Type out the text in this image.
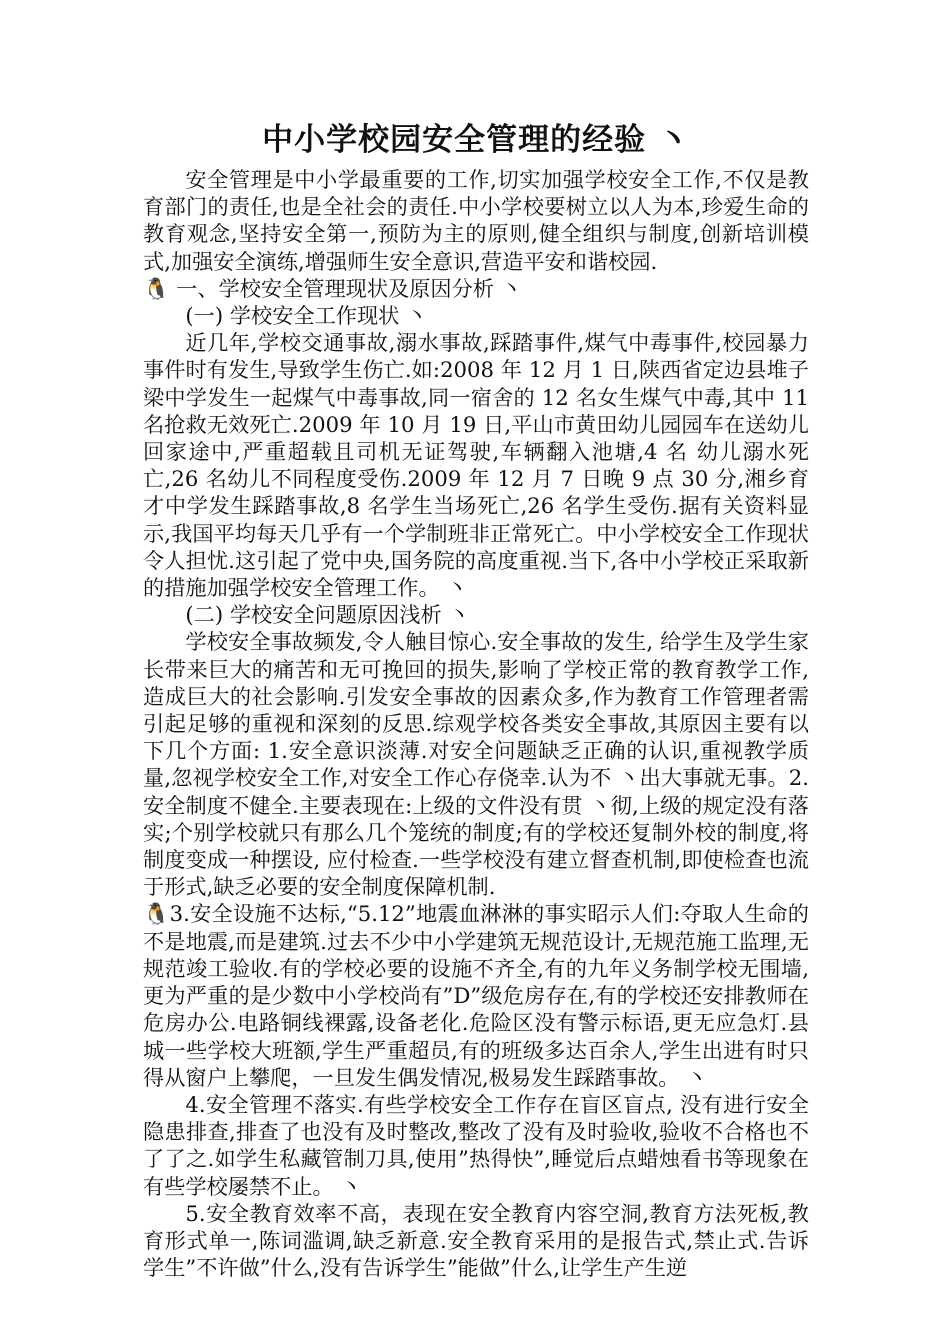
中小学校园安全管理的经验 丶

安全管理是中小学最重要的工作,切实加强学校安全工作,不仅是教育部门的责任,也是全社会的责任.中小学校要树立以人为本,珍爱生命的教育观念,坚持安全第一,预防为主的原则,健全组织与制度,创新培训模式,加强安全演练,增强师生安全意识,营造平安和谐校园.

🐧 一、学校安全管理现状及原因分析 丶

(一) 学校安全工作现状 丶

近几年,学校交通事故,溺水事故,踩踏事件,煤气中毒事件,校园暴力事件时有发生,导致学生伤亡.如:2008 年 12 月 1 日,陕西省定边县堆子梁中学发生一起煤气中毒事故,同一宿舍的 12 名女生煤气中毒,其中 11 名抢救无效死亡.2009 年 10 月 19 日,平山市黄田幼儿园园车在送幼儿回家途中,严重超载且司机无证驾驶,车辆翻入池塘,4 名 幼儿溺水死亡,26 名幼儿不同程度受伤.2009 年 12 月 7 日晚 9 点 30 分,湘乡育才中学发生踩踏事故,8 名学生当场死亡,26 名学生受伤.据有关资料显示,我国平均每天几乎有一个学制班非正常死亡。中小学校安全工作现状令人担忧.这引起了党中央,国务院的高度重视.当下,各中小学校正采取新的措施加强学校安全管理工作。 丶

(二) 学校安全问题原因浅析 丶

学校安全事故频发,令人触目惊心.安全事故的发生, 给学生及学生家长带来巨大的痛苦和无可挽回的损失,影响了学校正常的教育教学工作,造成巨大的社会影响.引发安全事故的因素众多,作为教育工作管理者需引起足够的重视和深刻的反思.综观学校各类安全事故,其原因主要有以下几个方面: 1.安全意识淡薄.对安全问题缺乏正确的认识,重视教学质量,忽视学校安全工作,对安全工作心存侥幸.认为不 丶出大事就无事。2.安全制度不健全.主要表现在:上级的文件没有贯 丶彻,上级的规定没有落实;个别学校就只有那么几个笼统的制度;有的学校还复制外校的制度,将制度变成一种摆设, 应付检查.一些学校没有建立督查机制,即使检查也流于形式,缺乏必要的安全制度保障机制.

🐧3.安全设施不达标,“5.12”地震血淋淋的事实昭示人们:夺取人生命的不是地震,而是建筑.过去不少中小学建筑无规范设计,无规范施工监理,无规范竣工验收.有的学校必要的设施不齐全,有的九年义务制学校无围墙,更为严重的是少数中小学校尚有”D”级危房存在,有的学校还安排教师在危房办公.电路铜线裸露,设备老化.危险区没有警示标语,更无应急灯.县城一些学校大班额,学生严重超员,有的班级多达百余人,学生出进有时只得从窗户上攀爬，一旦发生偶发情况,极易发生踩踏事故。 丶

4.安全管理不落实.有些学校安全工作存在盲区盲点, 没有进行安全隐患排查,排查了也没有及时整改,整改了没有及时验收,验收不合格也不了了之.如学生私藏管制刀具,使用”热得快”,睡觉后点蜡烛看书等现象在有些学校屡禁不止。 丶

5.安全教育效率不高，表现在安全教育内容空洞,教育方法死板,教育形式单一,陈词滥调,缺乏新意.安全教育采用的是报告式,禁止式.告诉学生”不许做”什么,没有告诉学生”能做”什么,让学生产生逆
